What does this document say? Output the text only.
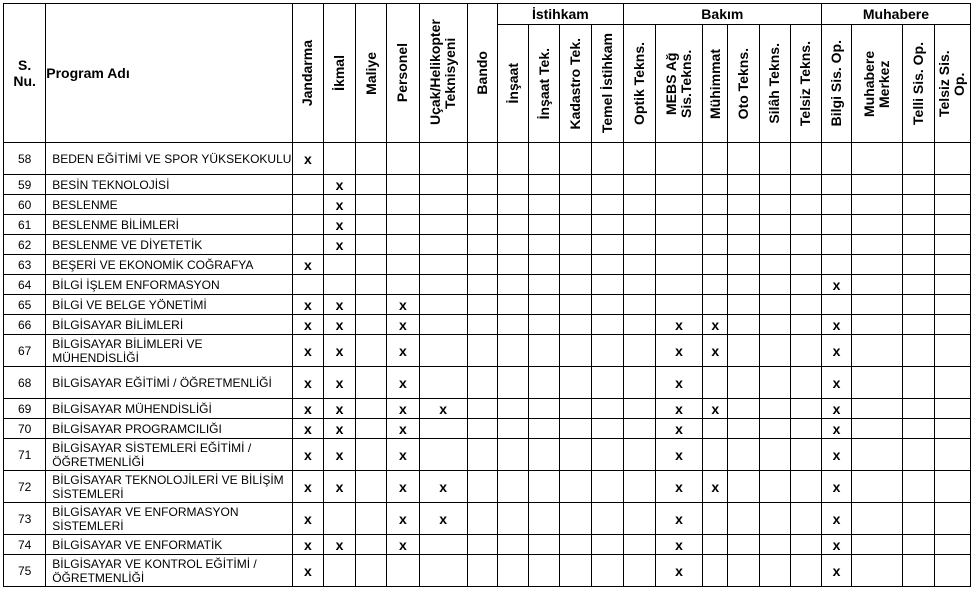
S.
Nu.	Program Adı	Jandarma	İkmal	Maliye	Personel	Uçak/Helikopter Teknisyeni	Bando	İstihkam				Bakım						Muhabere			

								İnşaat	İnşaat Tek.	Kadastro Tek.	Temel İstihkam	Optik Tekns.	MEBS Ağ Sis.Tekns.	Mühimmat	Oto Tekns.	Silâh Tekns.	Telsiz Tekns.	Bilgi Sis. Op.	Muhabere Merkez	Telli Sis. Op.	Telsiz Sis. Op.

58	BEDEN EĞİTİMİ VE SPOR YÜKSEKOKULU	x																			
59	BESİN TEKNOLOJİSİ		x																		
60	BESLENME		x																		
61	BESLENME BİLİMLERİ		x																		
62	BESLENME VE DİYETETİK		x																		
63	BEŞERİ VE EKONOMİK COĞRAFYA	x																			
64	BİLGİ İŞLEM ENFORMASYON																	x			
65	BİLGİ VE BELGE YÖNETİMİ	x	x		x																
66	BİLGİSAYAR BİLİMLERİ	x	x		x								x	x				x			
67	BİLGİSAYAR BİLİMLERİ VE MÜHENDİSLİĞİ	x	x		x								x	x				x			
68	BİLGİSAYAR EĞİTİMİ / ÖĞRETMENLİĞİ	x	x		x								x					x			
69	BİLGİSAYAR MÜHENDİSLİĞİ	x	x		x	x							x	x				x			
70	BİLGİSAYAR PROGRAMCILIĞI	x	x		x								x					x			
71	BİLGİSAYAR SİSTEMLERİ EĞİTİMİ / ÖĞRETMENLİĞİ	x	x		x								x					x			
72	BİLGİSAYAR TEKNOLOJİLERİ VE BİLİŞİM SİSTEMLERİ	x	x		x	x							x	x				x			
73	BİLGİSAYAR VE ENFORMASYON SİSTEMLERİ	x			x	x							x					x			
74	BİLGİSAYAR VE ENFORMATİK	x	x		x								x					x			
75	BİLGİSAYAR VE KONTROL EĞİTİMİ / ÖĞRETMENLİĞİ	x											x					x			
